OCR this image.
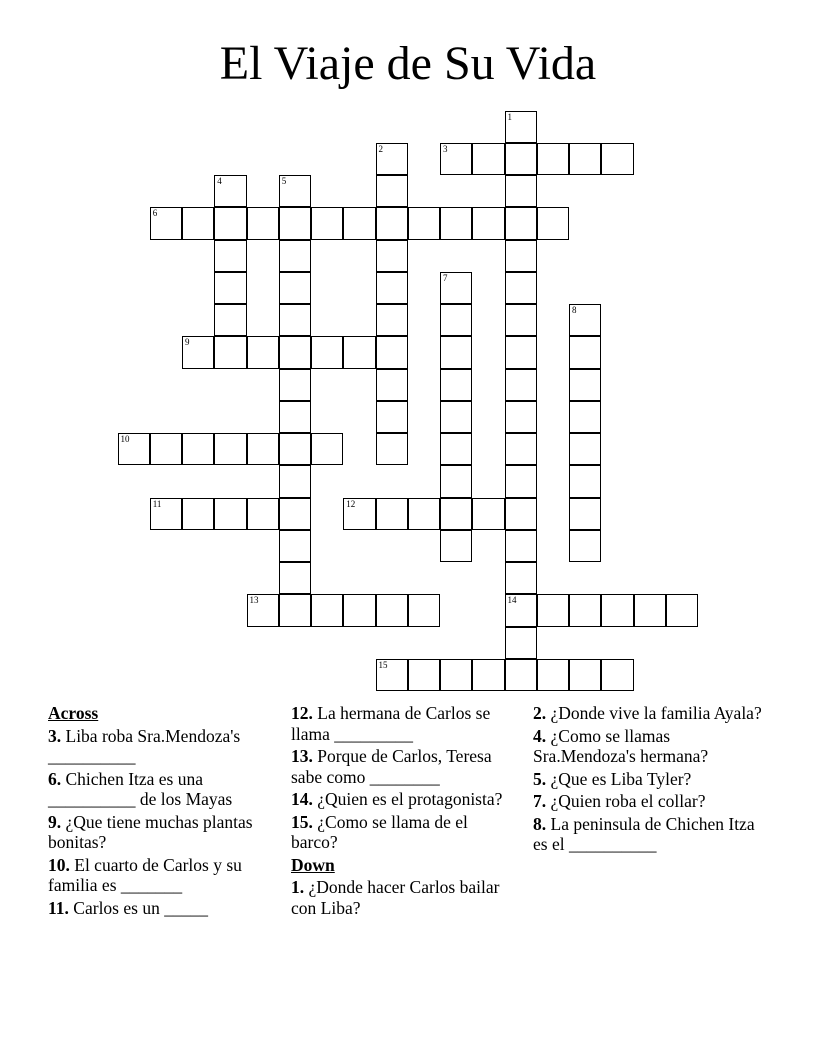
El Viaje de Su Vida
1
14
2	3
4	5
6
7
8
9
10
11	12
13
15
Across
3. Liba roba Sra.Mendoza's __________
6. Chichen Itza es una __________ de los Mayas
9. ¿Que tiene muchas plantas bonitas?
10. El cuarto de Carlos y su familia es _______
11. Carlos es un _____
12. La hermana de Carlos se llama _________
13. Porque de Carlos, Teresa sabe como ________
14. ¿Quien es el protagonista?
15. ¿Como se llama de el barco?
Down
1. ¿Donde hacer Carlos bailar con Liba?
2. ¿Donde vive la familia Ayala?
4. ¿Como se llamas Sra.Mendoza's hermana?
5. ¿Que es Liba Tyler?
7. ¿Quien roba el collar?
8. La peninsula de Chichen Itza es el __________
